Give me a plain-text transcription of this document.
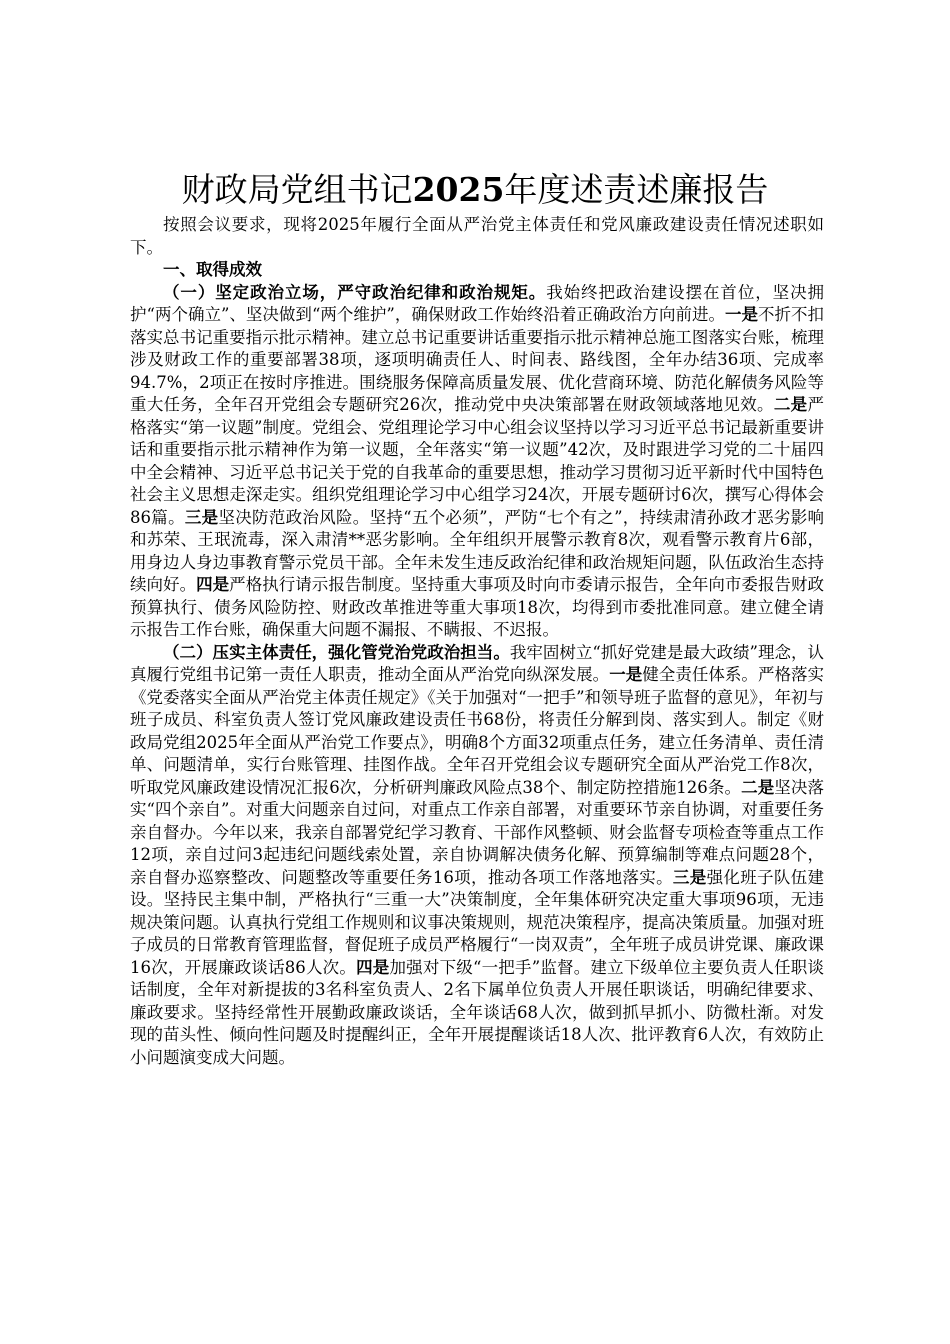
财政局党组书记2025年度述责述廉报告

按照会议要求，现将2025年履行全面从严治党主体责任和党风廉政建设责任情况述职如下。

一、取得成效

（一）坚定政治立场，严守政治纪律和政治规矩。我始终把政治建设摆在首位，坚决拥护“两个确立”、坚决做到“两个维护”，确保财政工作始终沿着正确政治方向前进。一是不折不扣落实总书记重要指示批示精神。建立总书记重要讲话重要指示批示精神总施工图落实台账，梳理涉及财政工作的重要部署38项，逐项明确责任人、时间表、路线图，全年办结36项、完成率94.7%，2项正在按时序推进。围绕服务保障高质量发展、优化营商环境、防范化解债务风险等重大任务，全年召开党组会专题研究26次，推动党中央决策部署在财政领域落地见效。二是严格落实“第一议题”制度。党组会、党组理论学习中心组会议坚持以学习习近平总书记最新重要讲话和重要指示批示精神作为第一议题，全年落实“第一议题”42次，及时跟进学习党的二十届四中全会精神、习近平总书记关于党的自我革命的重要思想，推动学习贯彻习近平新时代中国特色社会主义思想走深走实。组织党组理论学习中心组学习24次，开展专题研讨6次，撰写心得体会86篇。三是坚决防范政治风险。坚持“五个必须”，严防“七个有之”，持续肃清孙政才恶劣影响和苏荣、王珉流毒，深入肃清**恶劣影响。全年组织开展警示教育8次，观看警示教育片6部，用身边人身边事教育警示党员干部。全年未发生违反政治纪律和政治规矩问题，队伍政治生态持续向好。四是严格执行请示报告制度。坚持重大事项及时向市委请示报告，全年向市委报告财政预算执行、债务风险防控、财政改革推进等重大事项18次，均得到市委批准同意。建立健全请示报告工作台账，确保重大问题不漏报、不瞒报、不迟报。

（二）压实主体责任，强化管党治党政治担当。我牢固树立“抓好党建是最大政绩”理念，认真履行党组书记第一责任人职责，推动全面从严治党向纵深发展。一是健全责任体系。严格落实《党委落实全面从严治党主体责任规定》《关于加强对“一把手”和领导班子监督的意见》，年初与班子成员、科室负责人签订党风廉政建设责任书68份，将责任分解到岗、落实到人。制定《财政局党组2025年全面从严治党工作要点》，明确8个方面32项重点任务，建立任务清单、责任清单、问题清单，实行台账管理、挂图作战。全年召开党组会议专题研究全面从严治党工作8次，听取党风廉政建设情况汇报6次，分析研判廉政风险点38个、制定防控措施126条。二是坚决落实“四个亲自”。对重大问题亲自过问，对重点工作亲自部署，对重要环节亲自协调，对重要任务亲自督办。今年以来，我亲自部署党纪学习教育、干部作风整顿、财会监督专项检查等重点工作12项，亲自过问3起违纪问题线索处置，亲自协调解决债务化解、预算编制等难点问题28个，亲自督办巡察整改、问题整改等重要任务16项，推动各项工作落地落实。三是强化班子队伍建设。坚持民主集中制，严格执行“三重一大”决策制度，全年集体研究决定重大事项96项，无违规决策问题。认真执行党组工作规则和议事决策规则，规范决策程序，提高决策质量。加强对班子成员的日常教育管理监督，督促班子成员严格履行“一岗双责”，全年班子成员讲党课、廉政课16次，开展廉政谈话86人次。四是加强对下级“一把手”监督。建立下级单位主要负责人任职谈话制度，全年对新提拔的3名科室负责人、2名下属单位负责人开展任职谈话，明确纪律要求、廉政要求。坚持经常性开展勤政廉政谈话，全年谈话68人次，做到抓早抓小、防微杜渐。对发现的苗头性、倾向性问题及时提醒纠正，全年开展提醒谈话18人次、批评教育6人次，有效防止小问题演变成大问题。
